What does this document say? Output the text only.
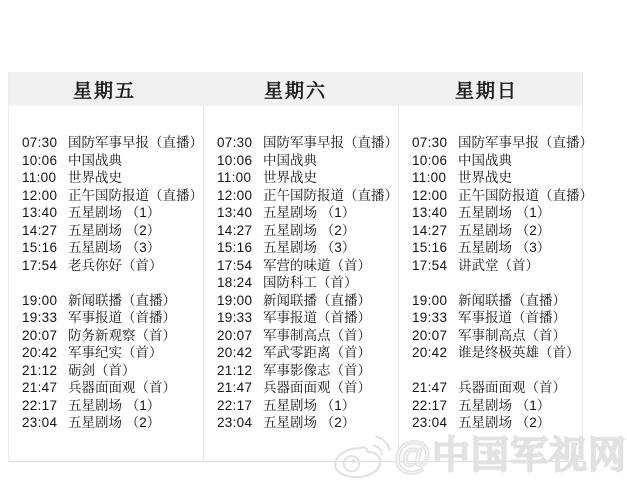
星期五	星期六	星期日
07:30 国防军事早报（直播）
10:06 中国战典
11:00 世界战史
12:00 正午国防报道（直播）
13:40 五星剧场 （1）
14:27 五星剧场 （2）
15:16 五星剧场 （3）
17:54 老兵你好（首）
19:00 新闻联播（直播）
19:33 军事报道（首播）
20:07 防务新观察（首）
20:42 军事纪实（首）
21:12 砺剑（首）
21:47 兵器面面观（首）
22:17 五星剧场 （1）
23:04 五星剧场 （2）
07:30 国防军事早报（直播）
10:06 中国战典
11:00 世界战史
12:00 正午国防报道（直播）
13:40 五星剧场 （1）
14:27 五星剧场 （2）
15:16 五星剧场 （3）
17:54 军营的味道（首）
18:24 国防科工（首）
19:00 新闻联播（直播）
19:33 军事报道（首播）
20:07 军事制高点（首）
20:42 军武零距离（首）
21:12 军事影像志（首）
21:47 兵器面面观（首）
22:17 五星剧场 （1）
23:04 五星剧场 （2）
07:30 国防军事早报（直播）
10:06 中国战典
11:00 世界战史
12:00 正午国防报道（直播）
13:40 五星剧场 （1）
14:27 五星剧场 （2）
15:16 五星剧场 （3）
17:54 讲武堂（首）
19:00 新闻联播（直播）
19:33 军事报道（首播）
20:07 军事制高点（首）
20:42 谁是终极英雄（首）
21:47 兵器面面观（首）
22:17 五星剧场 （1）
23:04 五星剧场 （2）
@中国军视网
